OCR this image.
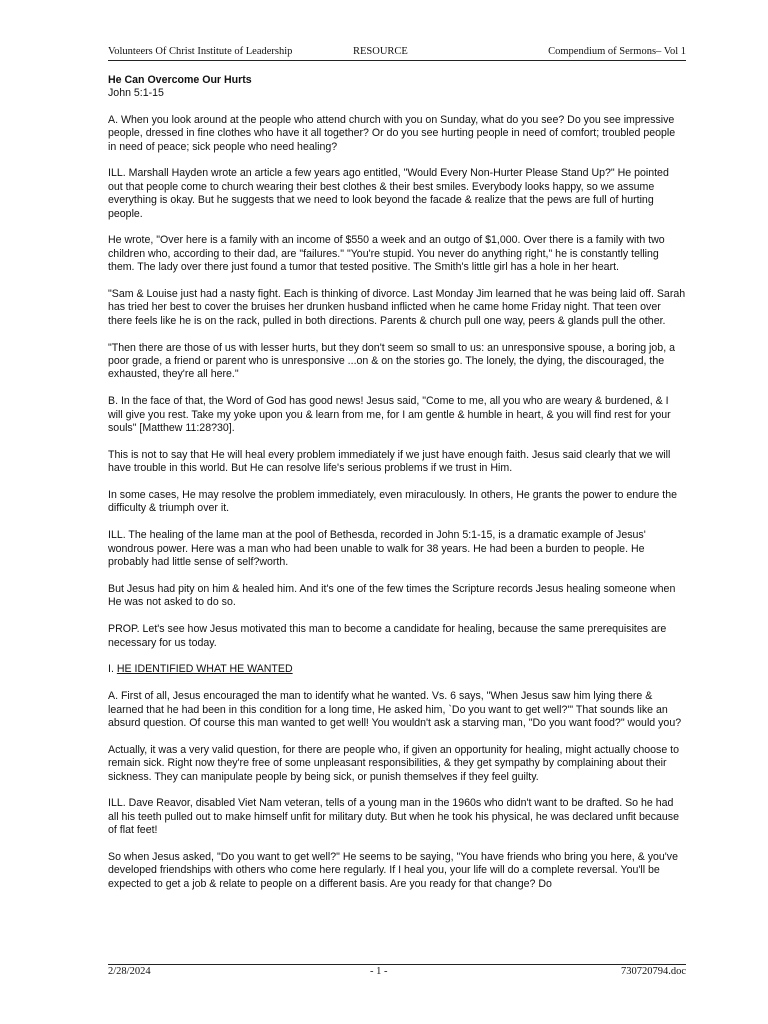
Volunteers Of Christ Institute of Leadership	RESOURCE	Compendium of Sermons– Vol 1
He Can Overcome Our Hurts
John 5:1-15

A. When you look around at the people who attend church with you on Sunday, what do you see? Do you see impressive people, dressed in fine clothes who have it all together? Or do you see hurting people in need of comfort; troubled people in need of peace; sick people who need healing?

ILL. Marshall Hayden wrote an article a few years ago entitled, "Would Every Non-Hurter Please Stand Up?" He pointed out that people come to church wearing their best clothes & their best smiles. Everybody looks happy, so we assume everything is okay. But he suggests that we need to look beyond the facade & realize that the pews are full of hurting people.

He wrote, "Over here is a family with an income of $550 a week and an outgo of $1,000. Over there is a family with two children who, according to their dad, are "failures." "You're stupid. You never do anything right," he is constantly telling them. The lady over there just found a tumor that tested positive. The Smith's little girl has a hole in her heart.

"Sam & Louise just had a nasty fight. Each is thinking of divorce. Last Monday Jim learned that he was being laid off. Sarah has tried her best to cover the bruises her drunken husband inflicted when he came home Friday night. That teen over there feels like he is on the rack, pulled in both directions. Parents & church pull one way, peers & glands pull the other.

"Then there are those of us with lesser hurts, but they don't seem so small to us: an unresponsive spouse, a boring job, a poor grade, a friend or parent who is unresponsive ...on & on the stories go. The lonely, the dying, the discouraged, the exhausted, they're all here."

B. In the face of that, the Word of God has good news! Jesus said, "Come to me, all you who are weary & burdened, & I will give you rest. Take my yoke upon you & learn from me, for I am gentle & humble in heart, & you will find rest for your souls" [Matthew 11:28?30].

This is not to say that He will heal every problem immediately if we just have enough faith. Jesus said clearly that we will have trouble in this world. But He can resolve life's serious problems if we trust in Him.

In some cases, He may resolve the problem immediately, even miraculously. In others, He grants the power to endure the difficulty & triumph over it.

ILL. The healing of the lame man at the pool of Bethesda, recorded in John 5:1-15, is a dramatic example of Jesus' wondrous power. Here was a man who had been unable to walk for 38 years. He had been a burden to people. He probably had little sense of self?worth.

But Jesus had pity on him & healed him. And it's one of the few times the Scripture records Jesus healing someone when He was not asked to do so.

PROP. Let's see how Jesus motivated this man to become a candidate for healing, because the same prerequisites are necessary for us today.

I. HE IDENTIFIED WHAT HE WANTED

A. First of all, Jesus encouraged the man to identify what he wanted. Vs. 6 says, "When Jesus saw him lying there & learned that he had been in this condition for a long time, He asked him, `Do you want to get well?'" That sounds like an absurd question. Of course this man wanted to get well! You wouldn't ask a starving man, "Do you want food?" would you?

Actually, it was a very valid question, for there are people who, if given an opportunity for healing, might actually choose to remain sick. Right now they're free of some unpleasant responsibilities, & they get sympathy by complaining about their sickness. They can manipulate people by being sick, or punish themselves if they feel guilty.

ILL. Dave Reavor, disabled Viet Nam veteran, tells of a young man in the 1960s who didn't want to be drafted. So he had all his teeth pulled out to make himself unfit for military duty. But when he took his physical, he was declared unfit because of flat feet!

So when Jesus asked, "Do you want to get well?" He seems to be saying, "You have friends who bring you here, & you've developed friendships with others who come here regularly. If I heal you, your life will do a complete reversal. You'll be expected to get a job & relate to people on a different basis. Are you ready for that change? Do

2/28/2024	- 1 -	730720794.doc
